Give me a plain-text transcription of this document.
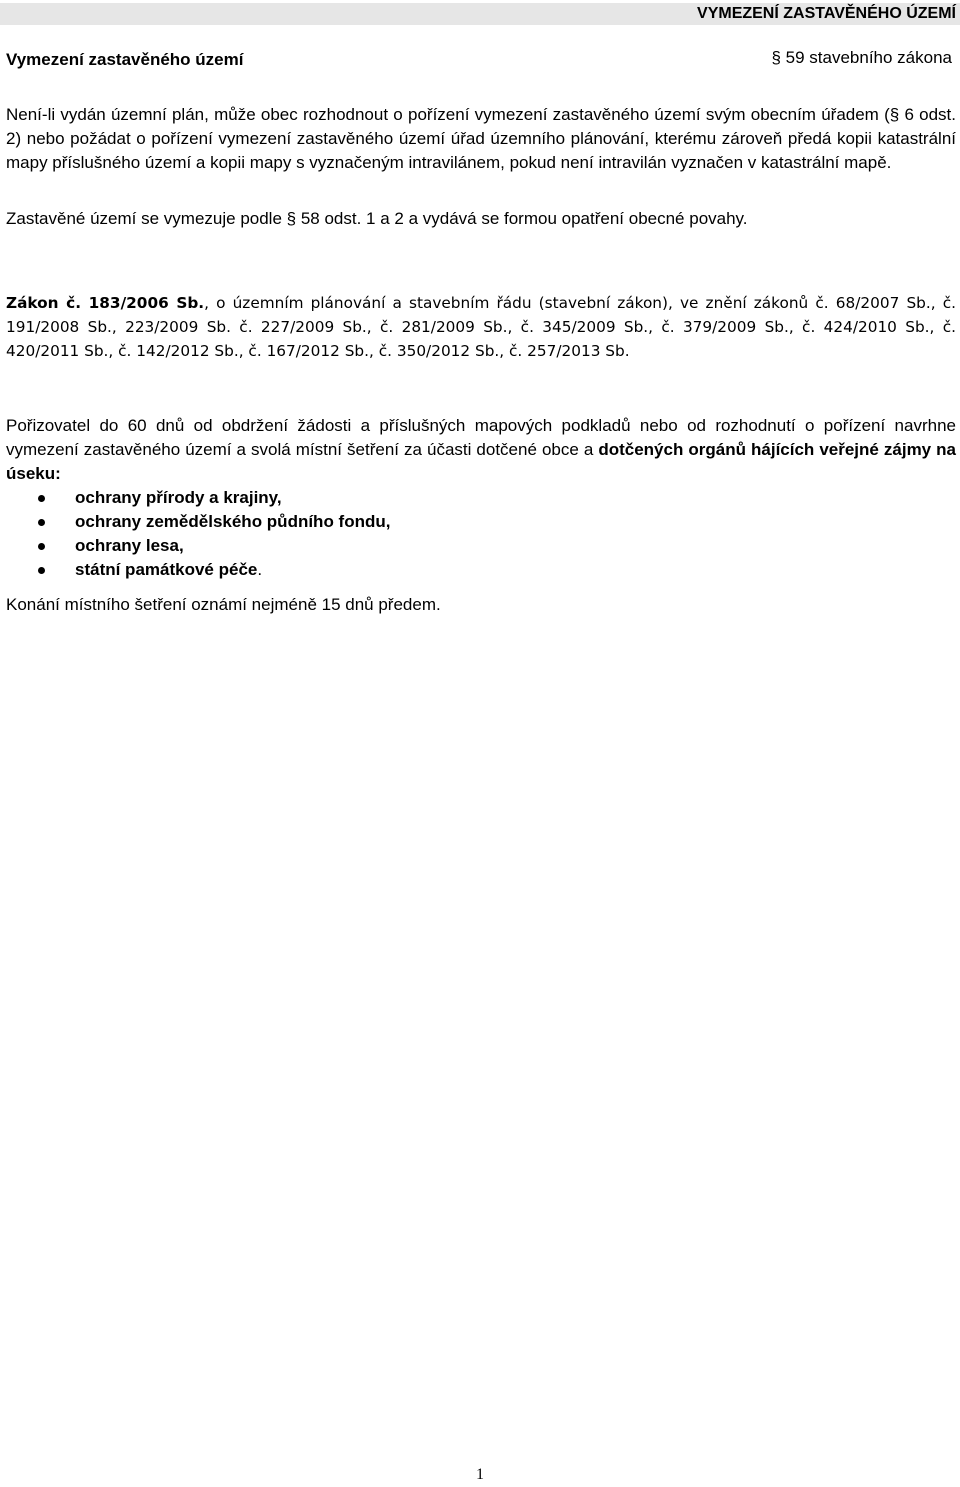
VYMEZENÍ ZASTAVĚNÉHO ÚZEMÍ
Vymezení zastavěného území	§ 59 stavebního zákona
Není-li vydán územní plán, může obec rozhodnout o pořízení vymezení zastavěného území svým obecním úřadem (§ 6 odst. 2) nebo požádat o pořízení vymezení zastavěného území úřad územního plánování, kterému zároveň předá kopii katastrální mapy příslušného území a kopii mapy s vyznačeným intravilánem, pokud není intravilán vyznačen v katastrální mapě.
Zastavěné území se vymezuje podle § 58 odst. 1 a 2 a vydává se formou opatření obecné povahy.
Zákon č. 183/2006 Sb., o územním plánování a stavebním řádu (stavební zákon), ve znění zákonů č. 68/2007 Sb., č. 191/2008 Sb., 223/2009 Sb. č. 227/2009 Sb., č. 281/2009 Sb., č. 345/2009 Sb., č. 379/2009 Sb., č. 424/2010 Sb., č. 420/2011 Sb., č. 142/2012 Sb., č. 167/2012 Sb., č. 350/2012 Sb., č. 257/2013 Sb.
Pořizovatel do 60 dnů od obdržení žádosti a příslušných mapových podkladů nebo od rozhodnutí o pořízení navrhne vymezení zastavěného území a svolá místní šetření za účasti dotčené obce a dotčených orgánů hájících veřejné zájmy na úseku:
ochrany přírody a krajiny,
ochrany zemědělského půdního fondu,
ochrany lesa,
státní památkové péče.
Konání místního šetření oznámí nejméně 15 dnů předem.
1
